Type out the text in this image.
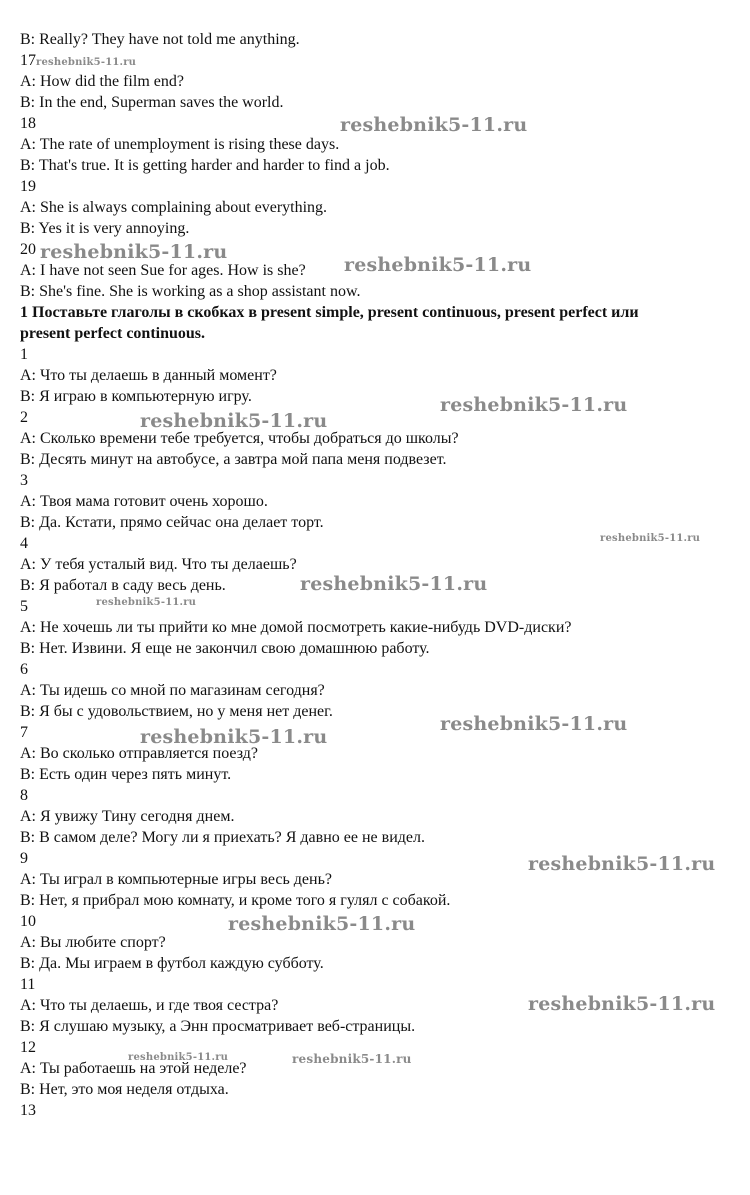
B: Really? They have not told me anything.
17
A: How did the film end?
B: In the end, Superman saves the world.
18
A: The rate of unemployment is rising these days.
B: That's true. It is getting harder and harder to find a job.
19
A: She is always complaining about everything.
B: Yes it is very annoying.
20
A: I have not seen Sue for ages. How is she?
B: She's fine. She is working as a shop assistant now.
1 Поставьте глаголы в скобках в present simple, present continuous, present perfect или
present perfect continuous.
1
A: Что ты делаешь в данный момент?
B: Я играю в компьютерную игру.
2
A: Сколько времени тебе требуется, чтобы добраться до школы?
B: Десять минут на автобусе, а завтра мой папа меня подвезет.
3
A: Твоя мама готовит очень хорошо.
B: Да. Кстати, прямо сейчас она делает торт.
4
A: У тебя усталый вид. Что ты делаешь?
B: Я работал в саду весь день.
5
A: Не хочешь ли ты прийти ко мне домой посмотреть какие-нибудь DVD-диски?
B: Нет. Извини. Я еще не закончил свою домашнюю работу.
6
A: Ты идешь со мной по магазинам сегодня?
B: Я бы с удовольствием, но у меня нет денег.
7
A: Во сколько отправляется поезд?
B: Есть один через пять минут.
8
A: Я увижу Тину сегодня днем.
B: В самом деле? Могу ли я приехать? Я давно ее не видел.
9
A: Ты играл в компьютерные игры весь день?
B: Нет, я прибрал мою комнату, и кроме того я гулял с собакой.
10
A: Вы любите спорт?
B: Да. Мы играем в футбол каждую субботу.
11
A: Что ты делаешь, и где твоя сестра?
B: Я слушаю музыку, а Энн просматривает веб-страницы.
12
A: Ты работаешь на этой неделе?
B: Нет, это моя неделя отдыха.
13
reshebnik5-11.ru
reshebnik5-11.ru
reshebnik5-11.ru
reshebnik5-11.ru
reshebnik5-11.ru
reshebnik5-11.ru
reshebnik5-11.ru
reshebnik5-11.ru
reshebnik5-11.ru
reshebnik5-11.ru
reshebnik5-11.ru
reshebnik5-11.ru
reshebnik5-11.ru
reshebnik5-11.ru
reshebnik5-11.ru	reshebnik5-11.ru
